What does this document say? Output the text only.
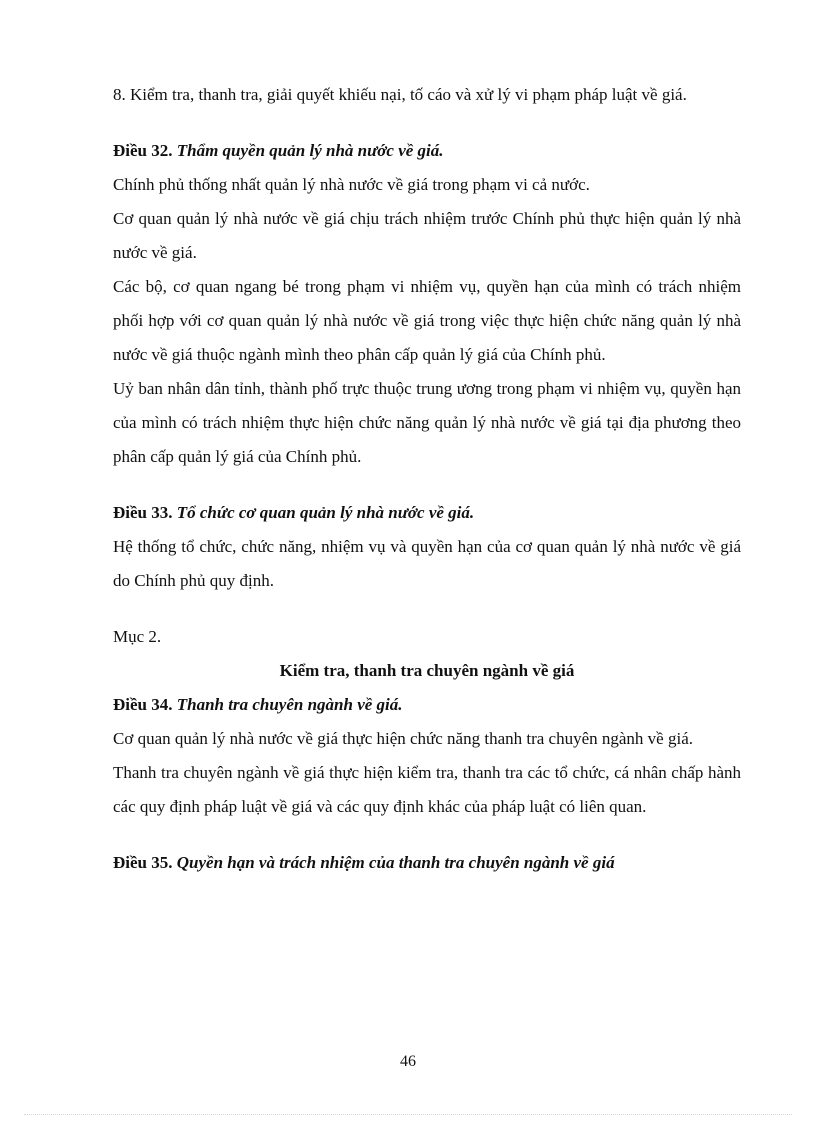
8. Kiểm tra, thanh tra, giải quyết khiếu nại, tố cáo và xử lý vi phạm pháp luật về giá.

Điều 32. Thẩm quyền quản lý nhà nước về giá.

Chính phủ thống nhất quản lý nhà nước về giá trong phạm vi cả nước.

Cơ quan quản lý nhà nước về giá chịu trách nhiệm trước Chính phủ thực hiện quản lý nhà nước về giá.

Các bộ, cơ quan ngang bé trong phạm vi nhiệm vụ, quyền hạn của mình có trách nhiệm phối hợp với cơ quan quản lý nhà nước về giá trong việc thực hiện chức năng quản lý nhà nước về giá thuộc ngành mình theo phân cấp quản lý giá của Chính phủ.

Uỷ ban nhân dân tỉnh, thành phố trực thuộc trung ương trong phạm vi nhiệm vụ, quyền hạn của mình có trách nhiệm thực hiện chức năng quản lý nhà nước về giá tại địa phương theo phân cấp quản lý giá của Chính phủ.

Điều 33. Tổ chức cơ quan quản lý nhà nước về giá.

Hệ thống tổ chức, chức năng, nhiệm vụ và quyền hạn của cơ quan quản lý nhà nước về giá do Chính phủ quy định.

Mục 2.

Kiểm tra, thanh tra chuyên ngành về giá

Điều 34. Thanh tra chuyên ngành về giá.

Cơ quan quản lý nhà nước về giá thực hiện chức năng thanh tra chuyên ngành về giá.

Thanh tra chuyên ngành về giá thực hiện kiểm tra, thanh tra các tổ chức, cá nhân chấp hành các quy định pháp luật về giá và các quy định khác của pháp luật có liên quan.

Điều 35. Quyền hạn và trách nhiệm của thanh tra chuyên ngành về giá

46
